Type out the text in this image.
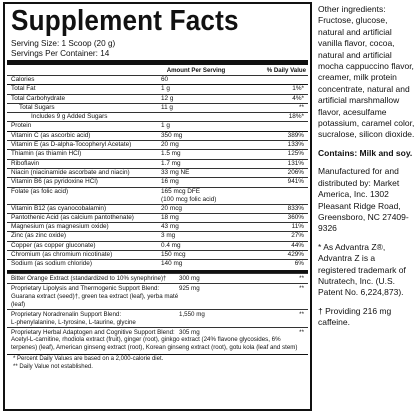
Supplement Facts
Serving Size: 1 Scoop (20 g)
Servings Per Container: 14
Amount Per Serving	% Daily Value
Calories	60
Total Fat	1 g	1%*
Total Carbohydrate	12 g	4%*
Total Sugars	11 g	**
Includes 9 g Added Sugars	18%*
Protein	1 g
Vitamin C (as ascorbic acid)	350 mg	389%
Vitamin E (as D-alpha-Tocopheryl Acetate)	20 mg	133%
Thiamin (as thiamin HCl)	1.5 mg	125%
Riboflavin	1.7 mg	131%
Niacin (niacinamide ascorbate and niacin)	33 mg NE	206%
Vitamin B6 (as pyridoxine HCl)	16 mg	941%
Folate (as folic acid)	165 mcg DFE
(100 mcg folic acid)
Vitamin B12 (as cyanocobalamin)	20 mcg	833%
Pantothenic Acid (as calcium pantothenate)	18 mg	360%
Magnesium (as magnesium oxide)	43 mg	11%
Zinc (as zinc oxide)	3 mg	27%
Copper (as copper gluconate)	0.4 mg	44%
Chromium (as chromium nicotinate)	150 mcg	429%
Sodium (as sodium chloride)	140 mg	6%
Bitter Orange Extract (standardized to 10% synephrine)†	300 mg	**
Proprietary Lipolysis and Thermogenic Support Blend:
Guarana extract (seed)†, green tea extract (leaf), yerba maté (leaf)
925 mg	**
Proprietary Noradrenalin Support Blend:
L-phenylalanine, L-tyrosine, L-taurine, glycine
1,550 mg	**
Proprietary Herbal Adaptogen and Cognitive Support Blend: 305 mg	**
Acetyl-L-carnitine, rhodiola extract (fruit), ginger (root), ginkgo extract (24% flavone glycosides, 6% terpenes) (leaf), American ginseng extract (root), Korean ginseng extract (root), gotu kola (leaf and stem)
* Percent Daily Values are based on a 2,000-calorie diet.
** Daily Value not established.

Other ingredients: Fructose, glucose, natural and artificial vanilla flavor, cocoa, natural and artificial mocha cappuccino flavor, creamer, milk protein concentrate, natural and artificial marshmallow flavor, acesulfame potassium, caramel color, sucralose, silicon dioxide.

Contains: Milk and soy.

Manufactured for and distributed by: Market America, Inc. 1302 Pleasant Ridge Road, Greensboro, NC 27409-9326

* As Advantra Z®, Advantra Z is a registered trademark of Nutratech, Inc. (U.S. Patent No. 6,224,873).

† Providing 216 mg caffeine.
